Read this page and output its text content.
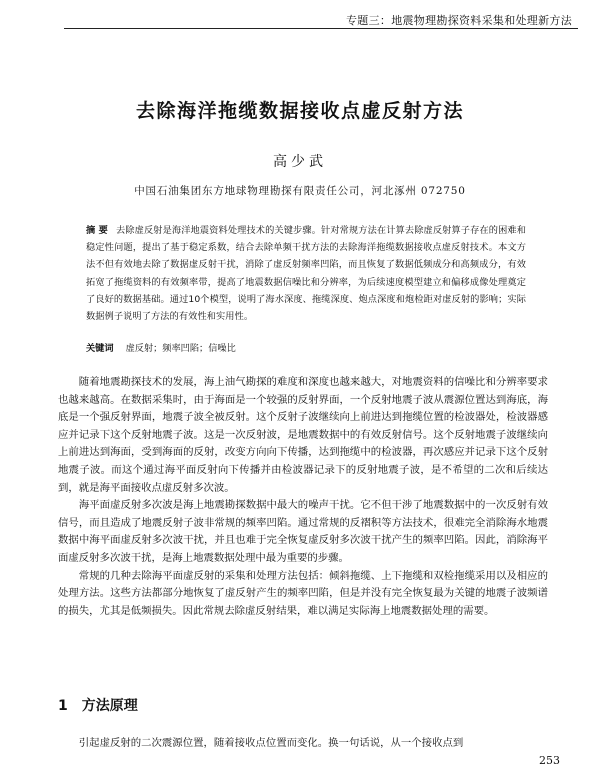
专题三：地震物理勘探资料采集和处理新方法
去除海洋拖缆数据接收点虚反射方法
高少武
中国石油集团东方地球物理勘探有限责任公司，河北涿州 072750
摘 要 去除虚反射是海洋地震资料处理技术的关键步骤。针对常规方法在计算去除虚反射算子存在的困难和稳定性问题，提出了基于稳定系数，结合去除单频干扰方法的去除海洋拖缆数据接收点虚反射技术。本文方法不但有效地去除了数据虚反射干扰，消除了虚反射频率凹陷，而且恢复了数据低频成分和高频成分，有效拓宽了拖缆资料的有效频率带，提高了地震数据信噪比和分辨率，为后续速度模型建立和偏移成像处理奠定了良好的数据基础。通过10个模型，说明了海水深度、拖缆深度、炮点深度和炮检距对虚反射的影响；实际数据例子说明了方法的有效性和实用性。
关键词 虚反射；频率凹陷；信噪比

随着地震勘探技术的发展，海上油气勘探的难度和深度也越来越大，对地震资料的信噪比和分辨率要求也越来越高。在数据采集时，由于海面是一个较强的反射界面，一个反射地震子波从震源位置达到海底，海底是一个强反射界面，地震子波全被反射。这个反射子波继续向上前进达到拖缆位置的检波器处，检波器感应并记录下这个反射地震子波。这是一次反射波，是地震数据中的有效反射信号。这个反射地震子波继续向上前进达到海面，受到海面的反射，改变方向向下传播，达到拖缆中的检波器，再次感应并记录下这个反射地震子波。而这个通过海平面反射向下传播并由检波器记录下的反射地震子波，是不希望的二次和后续达到，就是海平面接收点虚反射多次波。

海平面虚反射多次波是海上地震勘探数据中最大的噪声干扰。它不但干涉了地震数据中的一次反射有效信号，而且造成了地震反射子波非常规的频率凹陷。通过常规的反褶积等方法技术，很难完全消除海水地震数据中海平面虚反射多次波干扰，并且也难于完全恢复虚反射多次波干扰产生的频率凹陷。因此，消除海平面虚反射多次波干扰，是海上地震数据处理中最为重要的步骤。

常规的几种去除海平面虚反射的采集和处理方法包括：倾斜拖缆、上下拖缆和双检拖缆采用以及相应的处理方法。这些方法都部分地恢复了虚反射产生的频率凹陷，但是并没有完全恢复最为关键的地震子波频谱的损失，尤其是低频损失。因此常规去除虚反射结果，难以满足实际海上地震数据处理的需要。

1 方法原理

引起虚反射的二次震源位置，随着接收点位置而变化。换一句话说，从一个接收点到

253
